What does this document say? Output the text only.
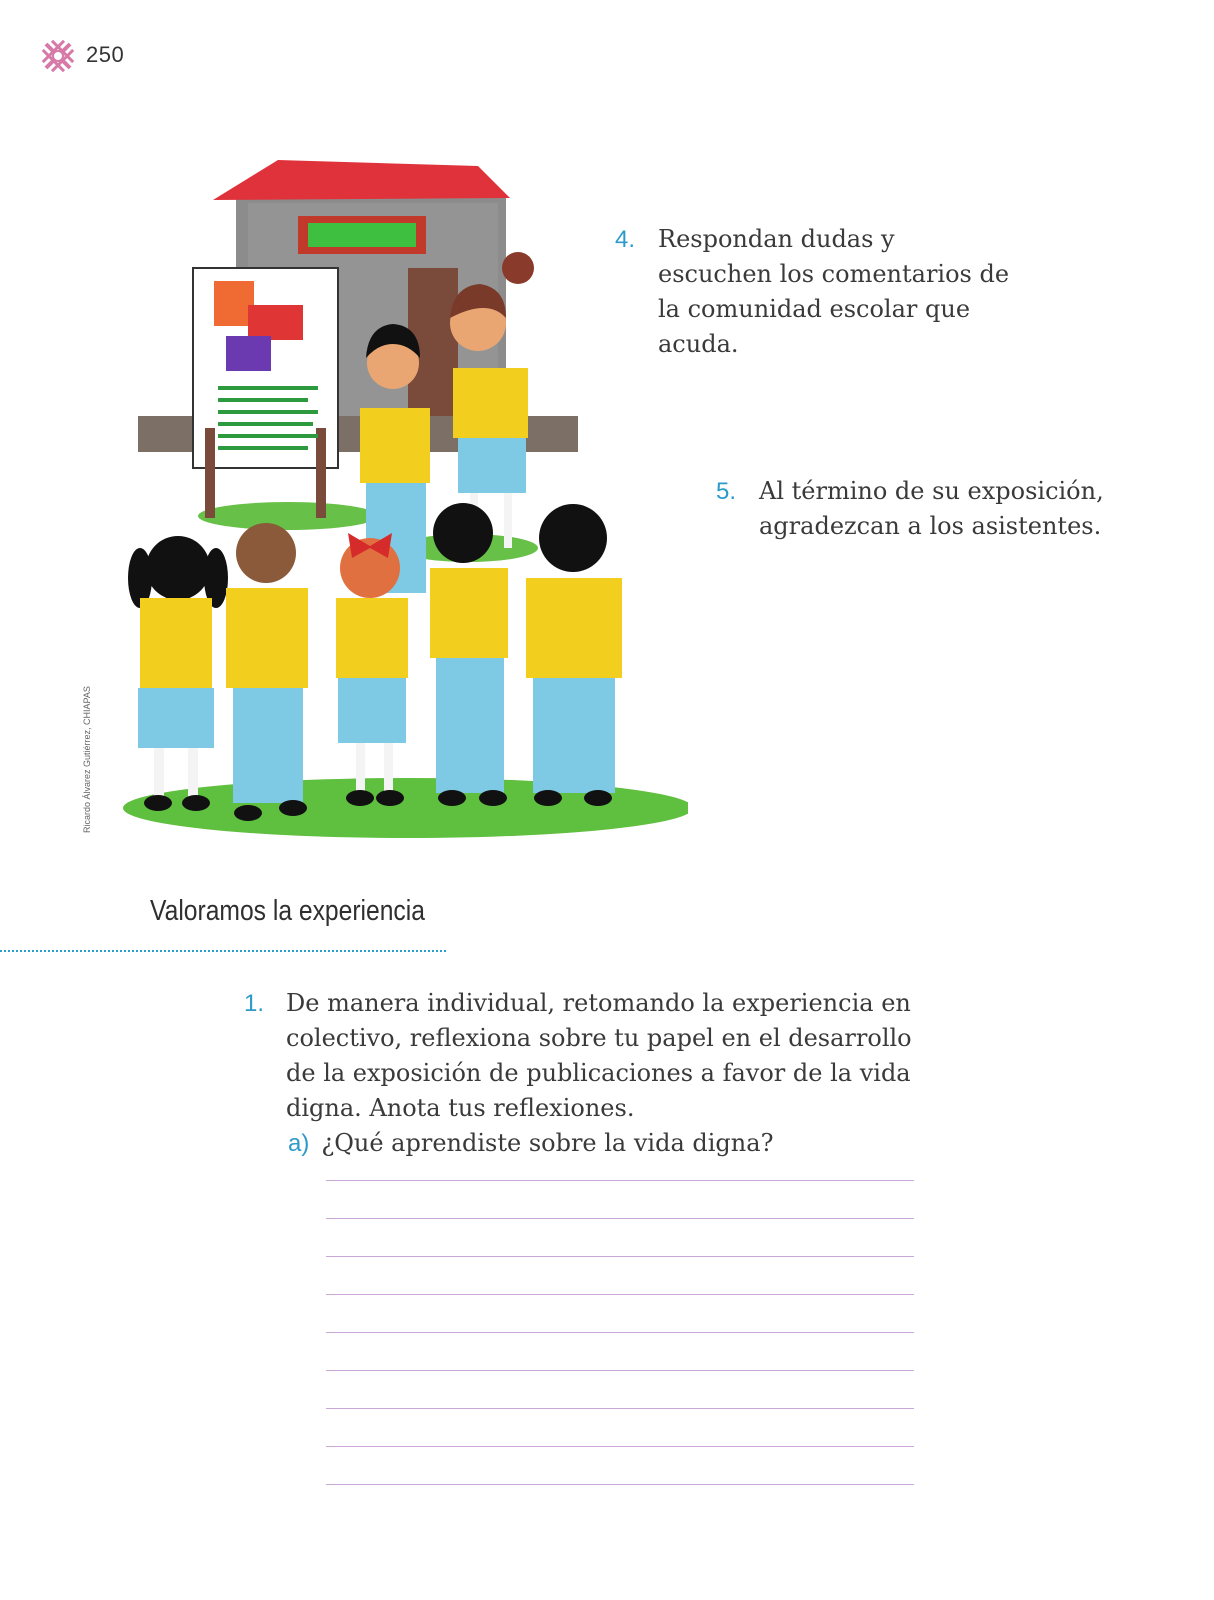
250
Ricardo Álvarez Gutiérrez, CHIAPAS
4. Respondan dudas y escuchen los comentarios de la comunidad escolar que acuda.
5. Al término de su exposición, agradezcan a los asistentes.
Valoramos la experiencia
1. De manera individual, retomando la experiencia en colectivo, reflexiona sobre tu papel en el desarrollo de la exposición de publicaciones a favor de la vida digna. Anota tus reflexiones.
a) ¿Qué aprendiste sobre la vida digna?
